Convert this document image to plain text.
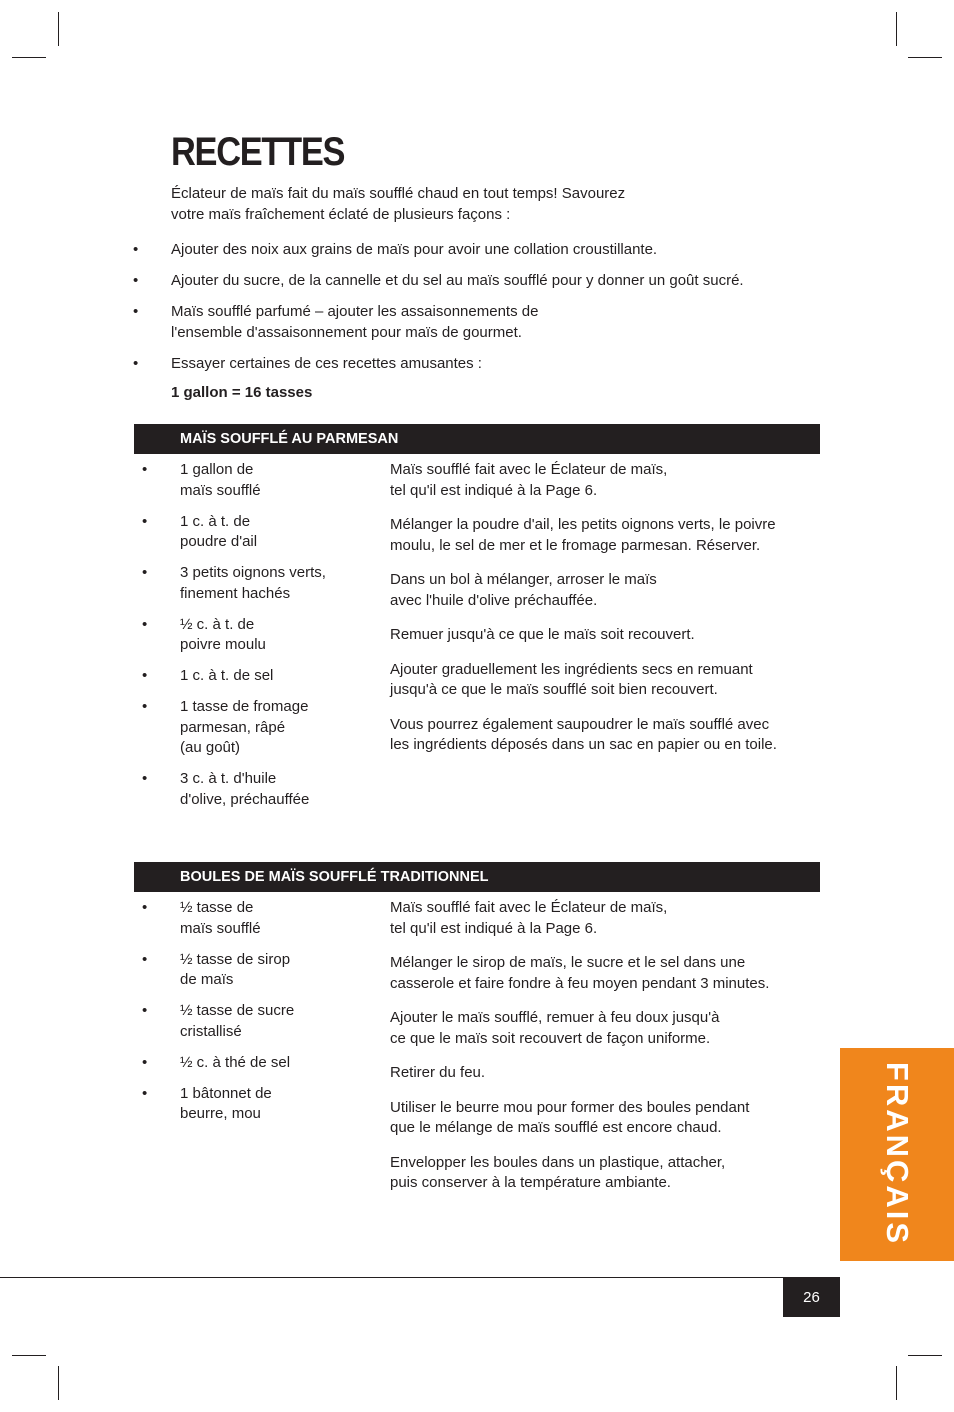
RECETTES
Éclateur de maïs fait du maïs soufflé chaud en tout temps! Savourez
votre maïs fraîchement éclaté de plusieurs façons :
• Ajouter des noix aux grains de maïs pour avoir une collation croustillante.
• Ajouter du sucre, de la cannelle et du sel au maïs soufflé pour y donner un goût sucré.
• Maïs soufflé parfumé – ajouter les assaisonnements de
l'ensemble d'assaisonnement pour maïs de gourmet.
• Essayer certaines de ces recettes amusantes :
1 gallon = 16 tasses
MAÏS SOUFFLÉ AU PARMESAN
• 1 gallon de
maïs soufflé
• 1 c. à t. de
poudre d'ail
• 3 petits oignons verts,
finement hachés
• ½ c. à t. de
poivre moulu
• 1 c. à t. de sel
• 1 tasse de fromage
parmesan, râpé
(au goût)
• 3 c. à t. d'huile
d'olive, préchauffée
Maïs soufflé fait avec le Éclateur de maïs,
tel qu'il est indiqué à la Page 6.
Mélanger la poudre d'ail, les petits oignons verts, le poivre
moulu, le sel de mer et le fromage parmesan. Réserver.
Dans un bol à mélanger, arroser le maïs
avec l'huile d'olive préchauffée.
Remuer jusqu'à ce que le maïs soit recouvert.
Ajouter graduellement les ingrédients secs en remuant
jusqu'à ce que le maïs soufflé soit bien recouvert.
Vous pourrez également saupoudrer le maïs soufflé avec
les ingrédients déposés dans un sac en papier ou en toile.
BOULES DE MAÏS SOUFFLÉ TRADITIONNEL
• ½ tasse de
maïs soufflé
• ½ tasse de sirop
de maïs
• ½ tasse de sucre
cristallisé
• ½ c. à thé de sel
• 1 bâtonnet de
beurre, mou
Maïs soufflé fait avec le Éclateur de maïs,
tel qu'il est indiqué à la Page 6.
Mélanger le sirop de maïs, le sucre et le sel dans une
casserole et faire fondre à feu moyen pendant 3 minutes.
Ajouter le maïs soufflé, remuer à feu doux jusqu'à
ce que le maïs soit recouvert de façon uniforme.
Retirer du feu.
Utiliser le beurre mou pour former des boules pendant
que le mélange de maïs soufflé est encore chaud.
Envelopper les boules dans un plastique, attacher,
puis conserver à la température ambiante.	FRANÇAIS
26
